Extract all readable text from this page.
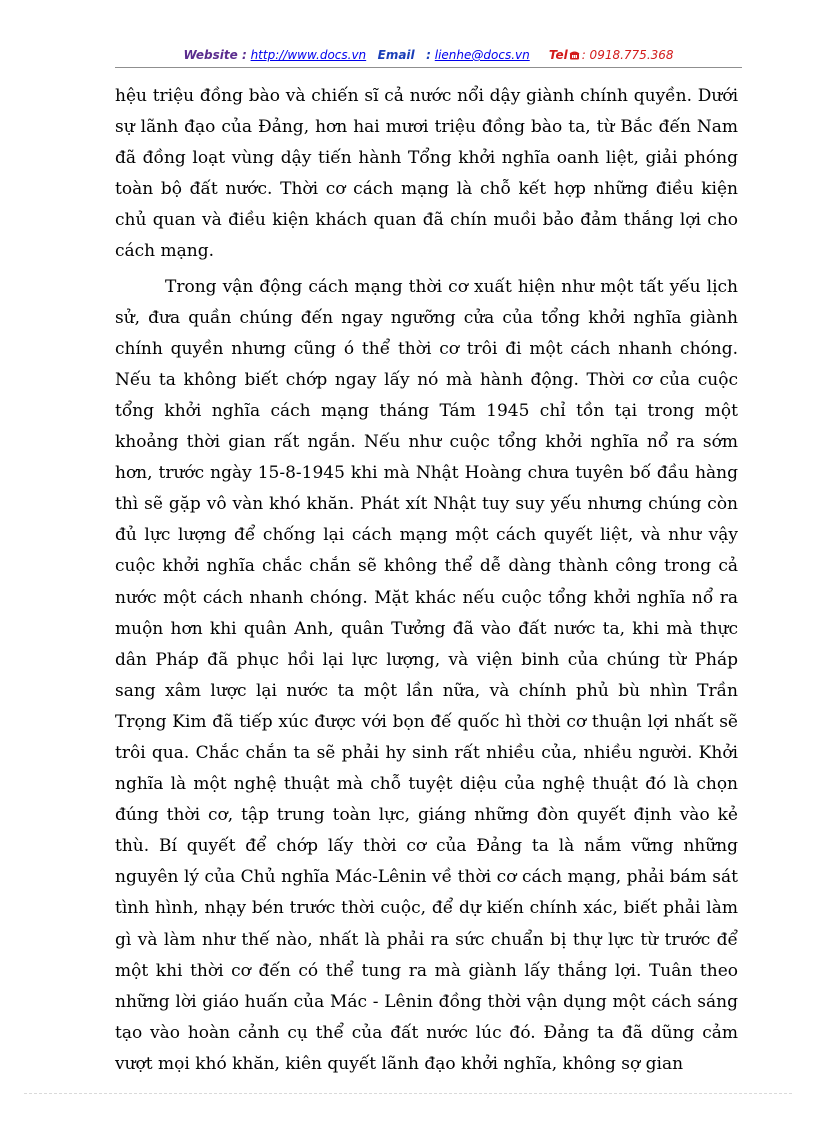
Website : http://www.docs.vn Email : lienhe@docs.vn Tel : 0918.775.368

hệu triệu đồng bào và chiến sĩ cả nước nổi dậy giành chính quyền. Dưới sự lãnh đạo của Đảng, hơn hai mươi triệu đồng bào ta, từ Bắc đến Nam đã đồng loạt vùng dậy tiến hành Tổng khởi nghĩa oanh liệt, giải phóng toàn bộ đất nước. Thời cơ cách mạng là chỗ kết hợp những điều kiện chủ quan và điều kiện khách quan đã chín muồi bảo đảm thắng lợi cho cách mạng.

Trong vận động cách mạng thời cơ xuất hiện như một tất yếu lịch sử, đưa quần chúng đến ngay ngưỡng cửa của tổng khởi nghĩa giành chính quyền nhưng cũng ó thể thời cơ trôi đi một cách nhanh chóng. Nếu ta không biết chớp ngay lấy nó mà hành động. Thời cơ của cuộc tổng khởi nghĩa cách mạng tháng Tám 1945 chỉ tồn tại trong một khoảng thời gian rất ngắn. Nếu như cuộc tổng khởi nghĩa nổ ra sớm hơn, trước ngày 15-8-1945 khi mà Nhật Hoàng chưa tuyên bố đầu hàng thì sẽ gặp vô vàn khó khăn. Phát xít Nhật tuy suy yếu nhưng chúng còn đủ lực lượng để chống lại cách mạng một cách quyết liệt, và như vậy cuộc khởi nghĩa chắc chắn sẽ không thể dễ dàng thành công trong cả nước một cách nhanh chóng. Mặt khác nếu cuộc tổng khởi nghĩa nổ ra muộn hơn khi quân Anh, quân Tưởng đã vào đất nước ta, khi mà thực dân Pháp đã phục hồi lại lực lượng, và viện binh của chúng từ Pháp sang xâm lược lại nước ta một lần nữa, và chính phủ bù nhìn Trần Trọng Kim đã tiếp xúc được với bọn đế quốc hì thời cơ thuận lợi nhất sẽ trôi qua. Chắc chắn ta sẽ phải hy sinh rất nhiều của, nhiều người. Khởi nghĩa là một nghệ thuật mà chỗ tuyệt diệu của nghệ thuật đó là chọn đúng thời cơ, tập trung toàn lực, giáng những đòn quyết định vào kẻ thù. Bí quyết để chớp lấy thời cơ của Đảng ta là nắm vững những nguyên lý của Chủ nghĩa Mác-Lênin về thời cơ cách mạng, phải bám sát tình hình, nhạy bén trước thời cuộc, để dự kiến chính xác, biết phải làm gì và làm như thế nào, nhất là phải ra sức chuẩn bị thự lực từ trước để một khi thời cơ đến có thể tung ra mà giành lấy thắng lợi. Tuân theo những lời giáo huấn của Mác - Lênin đồng thời vận dụng một cách sáng tạo vào hoàn cảnh cụ thể của đất nước lúc đó. Đảng ta đã dũng cảm vượt mọi khó khăn, kiên quyết lãnh đạo khởi nghĩa, không sợ gian
